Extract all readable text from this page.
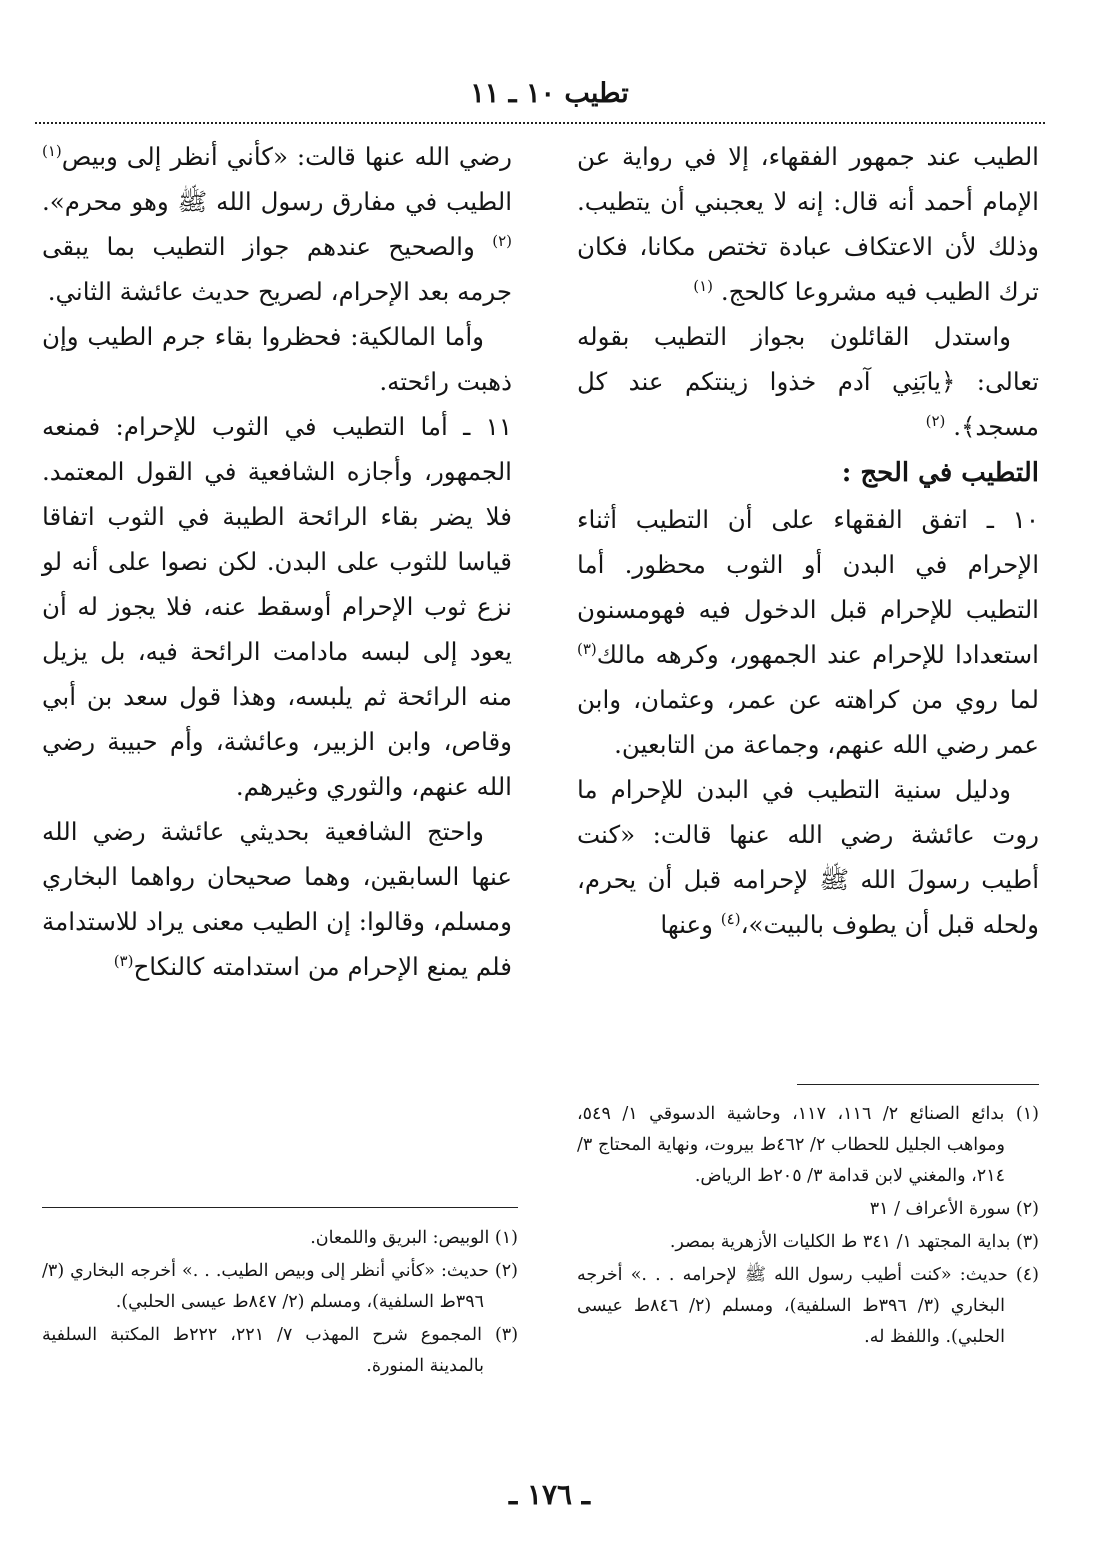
تطيب ١٠ ـ ١١

الطيب عند جمهور الفقهاء، إلا في رواية عن الإمام أحمد أنه قال: إنه لا يعجبني أن يتطيب. وذلك لأن الاعتكاف عبادة تختص مكانا، فكان ترك الطيب فيه مشروعا كالحج. $^{(١)}$

واستدل القائلون بجواز التطيب بقوله تعالى: ﴿يابَنِي آدم خذوا زينتكم عند كل مسجد﴾. $^{(٢)}$

التطيب في الحج :

١٠ ـ اتفق الفقهاء على أن التطيب أثناء الإحرام في البدن أو الثوب محظور. أما التطيب للإحرام قبل الدخول فيه فهومسنون استعدادا للإحرام عند الجمهور، وكرهه مالك$^{(٣)}$ لما روي من كراهته عن عمر، وعثمان، وابن عمر رضي الله عنهم، وجماعة من التابعين.

ودليل سنية التطيب في البدن للإحرام ما روت عائشة رضي الله عنها قالت: «كنت أطيب رسولَ الله ﷺ لإحرامه قبل أن يحرم، ولحله قبل أن يطوف بالبيت»،$^{(٤)}$ وعنها

رضي الله عنها قالت: «كأني أنظر إلى وبيص$^{(١)}$ الطيب في مفارق رسول الله ﷺ وهو محرم».$^{(٢)}$ والصحيح عندهم جواز التطيب بما يبقى جرمه بعد الإحرام، لصريح حديث عائشة الثاني.

وأما المالكية: فحظروا بقاء جرم الطيب وإن ذهبت رائحته.

١١ ـ أما التطيب في الثوب للإحرام: فمنعه الجمهور، وأجازه الشافعية في القول المعتمد. فلا يضر بقاء الرائحة الطيبة في الثوب اتفاقا قياسا للثوب على البدن. لكن نصوا على أنه لو نزع ثوب الإحرام أوسقط عنه، فلا يجوز له أن يعود إلى لبسه مادامت الرائحة فيه، بل يزيل منه الرائحة ثم يلبسه، وهذا قول سعد بن أبي وقاص، وابن الزبير، وعائشة، وأم حبيبة رضي الله عنهم، والثوري وغيرهم.

واحتج الشافعية بحديثي عائشة رضي الله عنها السابقين، وهما صحيحان رواهما البخاري ومسلم، وقالوا: إن الطيب معنى يراد للاستدامة فلم يمنع الإحرام من استدامته كالنكاح$^{(٣)}$

(١) بدائع الصنائع ٢/ ١١٦، ١١٧، وحاشية الدسوقي ١/ ٥٤٩، ومواهب الجليل للحطاب ٢/ ٤٦٢ط بيروت، ونهاية المحتاج ٣/ ٢١٤، والمغني لابن قدامة ٣/ ٢٠٥ط الرياض.

(٢) سورة الأعراف / ٣١

(٣) بداية المجتهد ١/ ٣٤١ ط الكليات الأزهرية بمصر.

(٤) حديث: «كنت أطيب رسول الله ﷺ لإحرامه . . .» أخرجه البخاري (٣/ ٣٩٦ط السلفية)، ومسلم (٢/ ٨٤٦ط عيسى الحلبي). واللفظ له.

(١) الوبيص: البريق واللمعان.

(٢) حديث: «كأني أنظر إلى وبيص الطيب. . .» أخرجه البخاري (٣/ ٣٩٦ط السلفية)، ومسلم (٢/ ٨٤٧ط عيسى الحلبي).

(٣) المجموع شرح المهذب ٧/ ٢٢١، ٢٢٢ط المكتبة السلفية بالمدينة المنورة.

ـ ١٧٦ ـ
